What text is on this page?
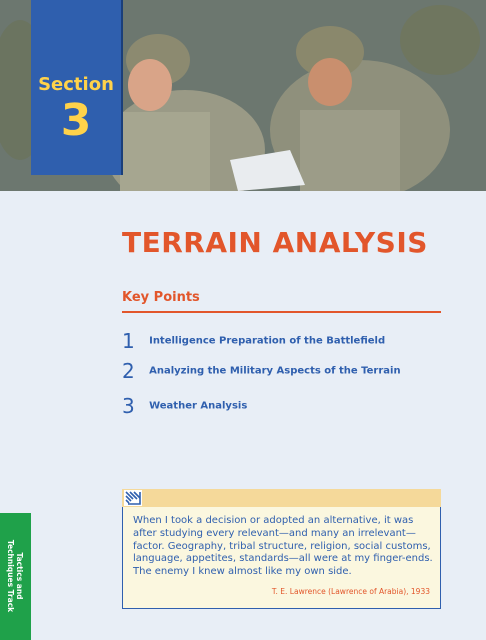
Section
3
TERRAIN ANALYSIS
Key Points
1 Intelligence Preparation of the Battlefield
2 Analyzing the Military Aspects of the Terrain
3 Weather Analysis
When I took a decision or adopted an alternative, it was after studying every relevant—and many an irrelevant—factor. Geography, tribal structure, religion, social customs, language, appetites, standards—all were at my finger-ends. The enemy I knew almost like my own side.
T. E. Lawrence (Lawrence of Arabia), 1933
Tactics and
Techniques Track
